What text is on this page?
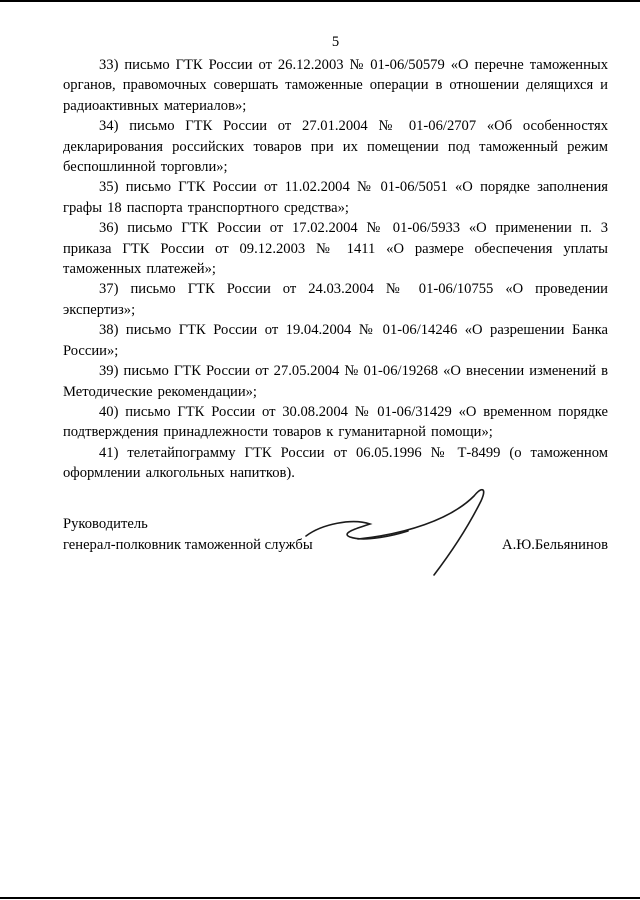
5

33) письмо ГТК России от 26.12.2003 № 01-06/50579 «О перечне таможенных органов, правомочных совершать таможенные операции в отношении делящихся и радиоактивных материалов»;

34) письмо ГТК России от 27.01.2004 № 01-06/2707 «Об особенностях декларирования российских товаров при их помещении под таможенный режим беспошлинной торговли»;

35) письмо ГТК России от 11.02.2004 № 01-06/5051 «О порядке заполнения графы 18 паспорта транспортного средства»;

36) письмо ГТК России от 17.02.2004 № 01-06/5933 «О применении п. 3 приказа ГТК России от 09.12.2003 № 1411 «О размере обеспечения уплаты таможенных платежей»;

37) письмо ГТК России от 24.03.2004 № 01-06/10755 «О проведении экспертиз»;

38) письмо ГТК России от 19.04.2004 № 01-06/14246 «О разрешении Банка России»;

39) письмо ГТК России от 27.05.2004 № 01-06/19268 «О внесении изменений в Методические рекомендации»;

40) письмо ГТК России от 30.08.2004 № 01-06/31429 «О временном порядке подтверждения принадлежности товаров к гуманитарной помощи»;

41) телетайпограмму ГТК России от 06.05.1996 № Т-8499 (о таможенном оформлении алкогольных напитков).

Руководитель
генерал-полковник таможенной службы	А.Ю.Бельянинов
